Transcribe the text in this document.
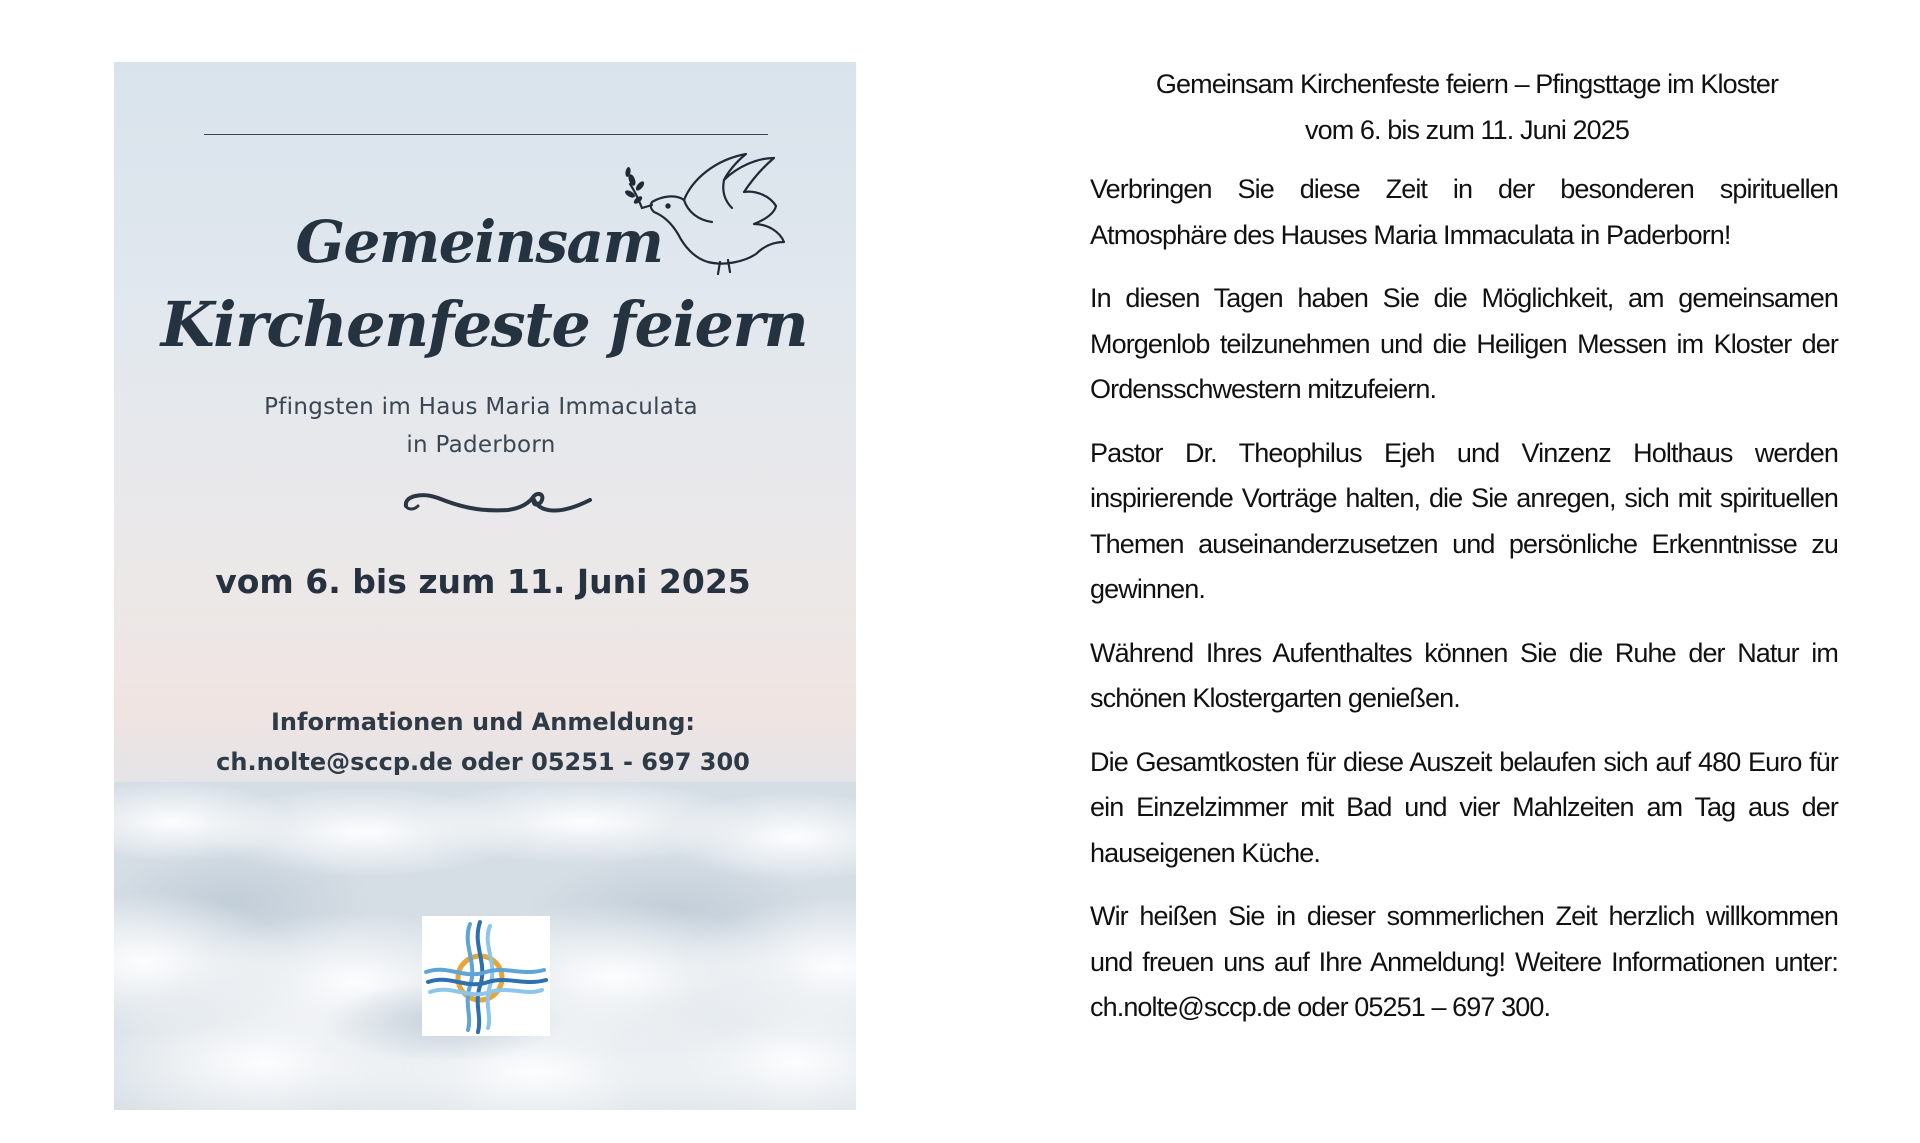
Gemeinsam
Kirchenfeste feiern
Pfingsten im Haus Maria Immaculata
in Paderborn
vom 6. bis zum 11. Juni 2025
Informationen und Anmeldung:
ch.nolte@sccp.de oder 05251 - 697 300
Gemeinsam Kirchenfeste feiern – Pfingsttage im Kloster
vom 6. bis zum 11. Juni 2025

Verbringen Sie diese Zeit in der besonderen spirituellen Atmosphäre des Hauses Maria Immaculata in Paderborn!

In diesen Tagen haben Sie die Möglichkeit, am gemeinsamen Morgenlob teilzunehmen und die Heiligen Messen im Kloster der Ordensschwestern mitzufeiern.

Pastor Dr. Theophilus Ejeh und Vinzenz Holthaus werden inspirierende Vorträge halten, die Sie anregen, sich mit spirituellen Themen auseinanderzusetzen und persönliche Erkenntnisse zu gewinnen.

Während Ihres Aufenthaltes können Sie die Ruhe der Natur im schönen Klostergarten genießen.

Die Gesamtkosten für diese Auszeit belaufen sich auf 480 Euro für ein Einzelzimmer mit Bad und vier Mahlzeiten am Tag aus der hauseigenen Küche.

Wir heißen Sie in dieser sommerlichen Zeit herzlich willkommen und freuen uns auf Ihre Anmeldung! Weitere Informationen unter: ch.nolte@sccp.de oder 05251 – 697 300.
